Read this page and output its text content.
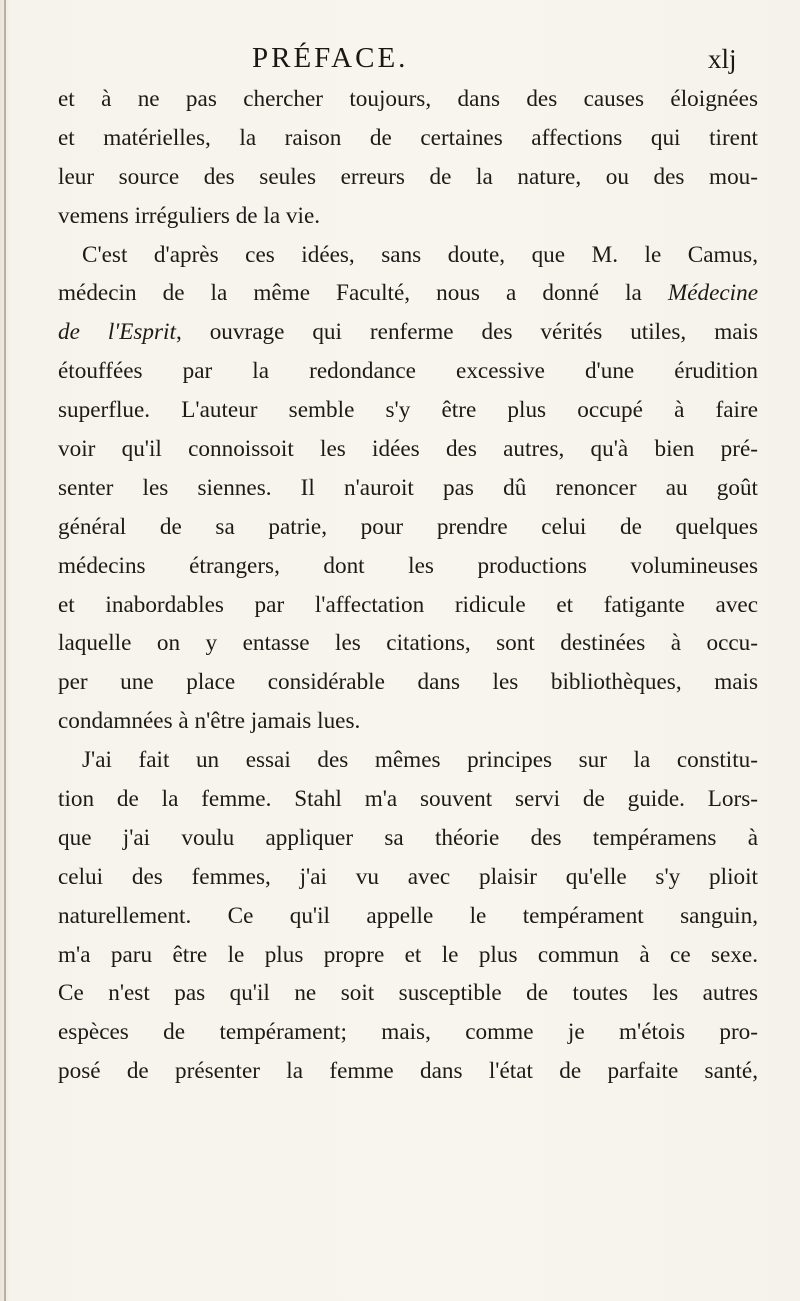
PRÉFACE.	xlj
et à ne pas chercher toujours, dans des causes éloignées
et matérielles, la raison de certaines affections qui tirent
leur source des seules erreurs de la nature, ou des mou-
vemens irréguliers de la vie.
C'est d'après ces idées, sans doute, que M. le Camus,
médecin de la même Faculté, nous a donné la Médecine
de l'Esprit, ouvrage qui renferme des vérités utiles, mais
étouffées par la redondance excessive d'une érudition
superflue. L'auteur semble s'y être plus occupé à faire
voir qu'il connoissoit les idées des autres, qu'à bien pré-
senter les siennes. Il n'auroit pas dû renoncer au goût
général de sa patrie, pour prendre celui de quelques
médecins étrangers, dont les productions volumineuses
et inabordables par l'affectation ridicule et fatigante avec
laquelle on y entasse les citations, sont destinées à occu-
per une place considérable dans les bibliothèques, mais
condamnées à n'être jamais lues.
J'ai fait un essai des mêmes principes sur la constitu-
tion de la femme. Stahl m'a souvent servi de guide. Lors-
que j'ai voulu appliquer sa théorie des tempéramens à
celui des femmes, j'ai vu avec plaisir qu'elle s'y plioit
naturellement. Ce qu'il appelle le tempérament sanguin,
m'a paru être le plus propre et le plus commun à ce sexe.
Ce n'est pas qu'il ne soit susceptible de toutes les autres
espèces de tempérament; mais, comme je m'étois pro-
posé de présenter la femme dans l'état de parfaite santé,
